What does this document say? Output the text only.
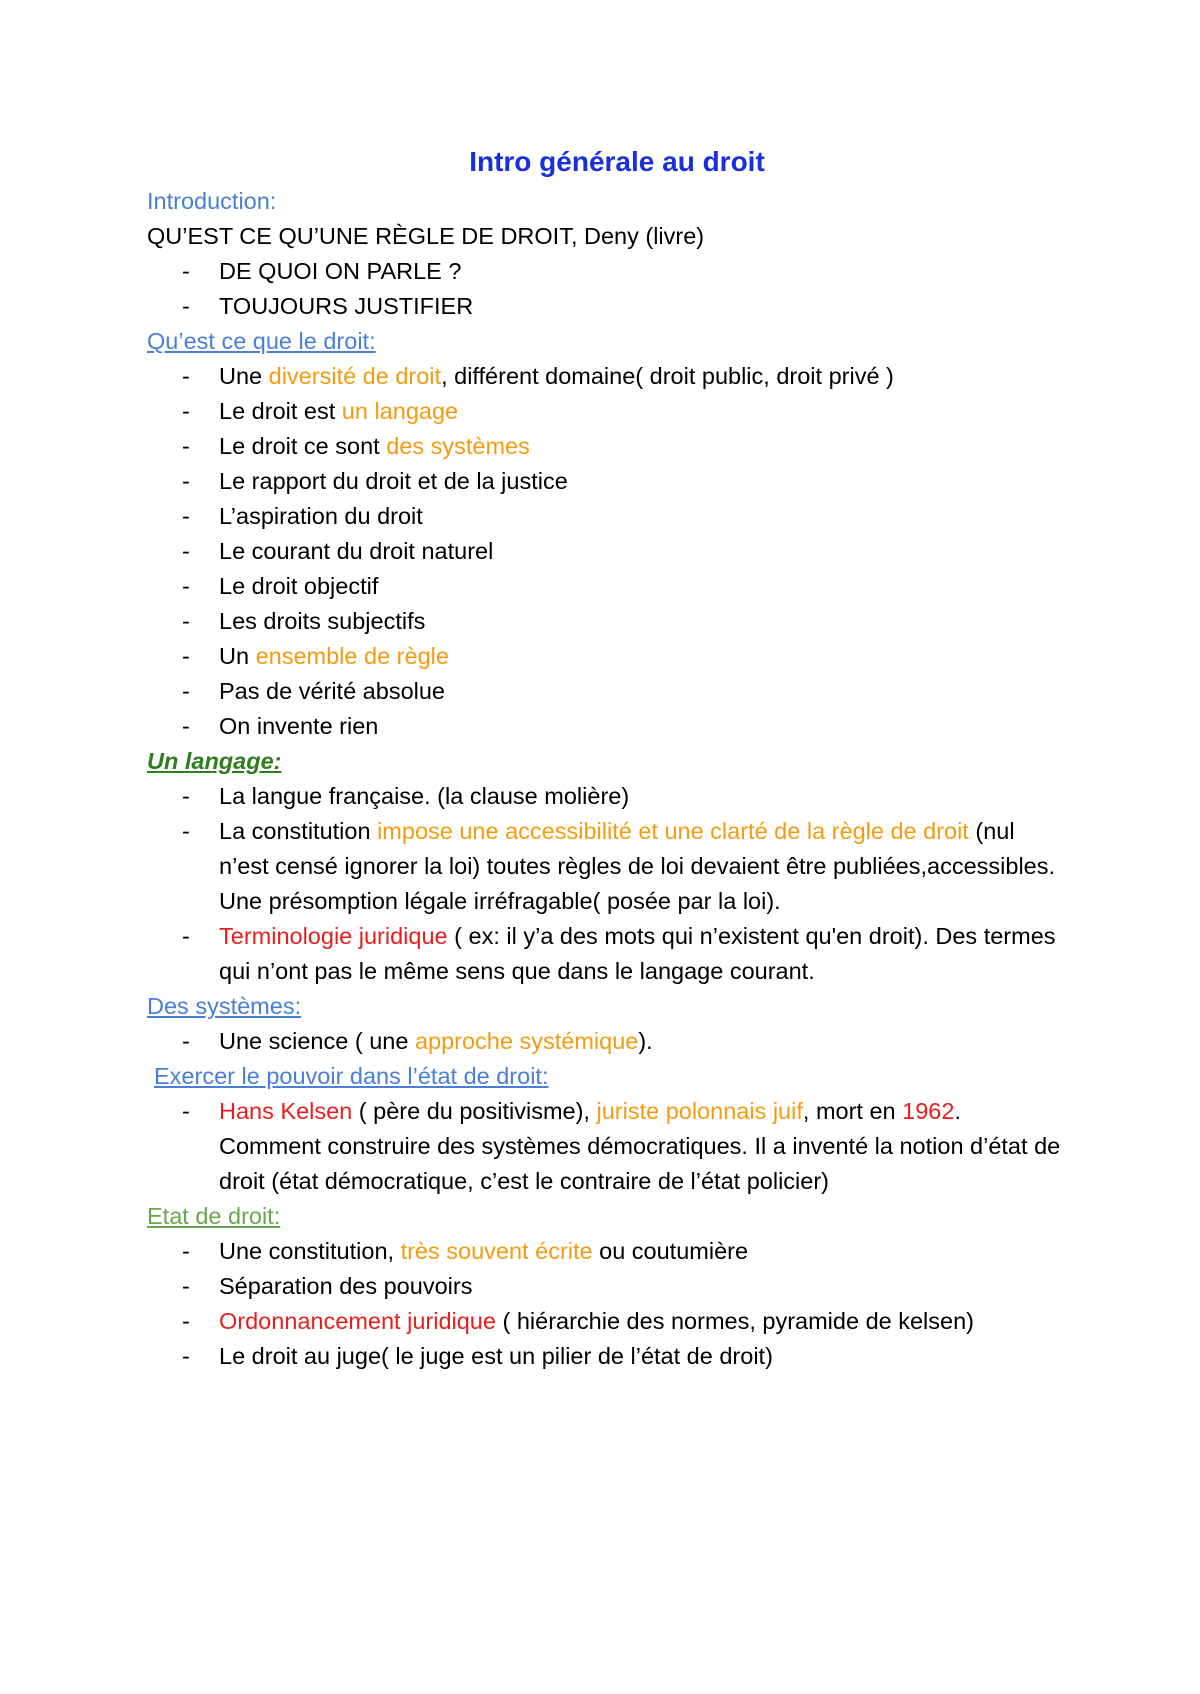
Intro générale au droit
Introduction:
QU’EST CE QU’UNE RÈGLE DE DROIT, Deny (livre)
- DE QUOI ON PARLE ?
- TOUJOURS JUSTIFIER
Qu’est ce que le droit:
- Une diversité de droit, différent domaine( droit public, droit privé )
- Le droit est un langage
- Le droit ce sont des systèmes
- Le rapport du droit et de la justice
- L’aspiration du droit
- Le courant du droit naturel
- Le droit objectif
- Les droits subjectifs
- Un ensemble de règle
- Pas de vérité absolue
- On invente rien
Un langage:
- La langue française. (la clause molière)
- La constitution impose une accessibilité et une clarté de la règle de droit (nul n’est censé ignorer la loi) toutes règles de loi devaient être publiées,accessibles. Une présomption légale irréfragable( posée par la loi).
- Terminologie juridique ( ex: il y’a des mots qui n’existent qu'en droit). Des termes qui n’ont pas le même sens que dans le langage courant.
Des systèmes:
- Une science ( une approche systémique).
Exercer le pouvoir dans l’état de droit:
- Hans Kelsen ( père du positivisme), juriste polonnais juif, mort en 1962. Comment construire des systèmes démocratiques. Il a inventé la notion d’état de droit (état démocratique, c’est le contraire de l’état policier)
Etat de droit:
- Une constitution, très souvent écrite ou coutumière
- Séparation des pouvoirs
- Ordonnancement juridique ( hiérarchie des normes, pyramide de kelsen)
- Le droit au juge( le juge est un pilier de l’état de droit)
